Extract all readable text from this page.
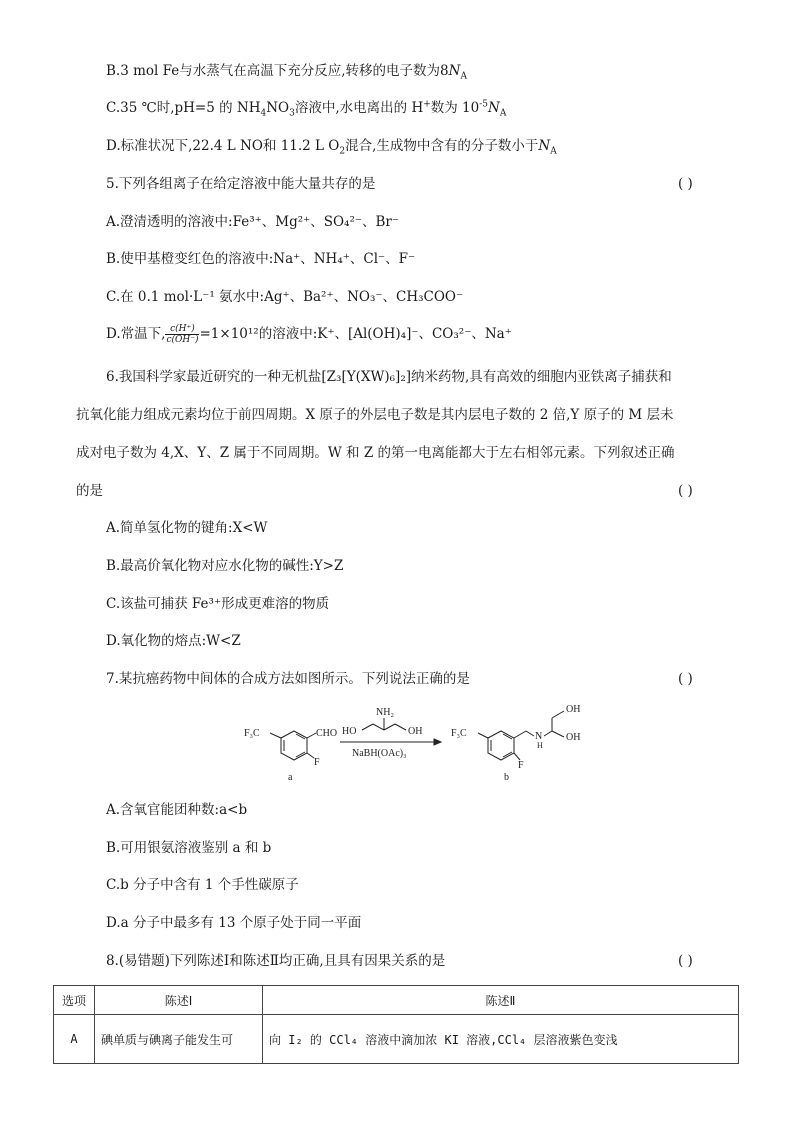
B.3 mol Fe与水蒸气在高温下充分反应,转移的电子数为$8N_A$
C.35 ℃时,pH=5 的 $NH_4NO_3$溶液中,水电离出的 H+数为 $10^{-5}N_A$
D.标准状况下,22.4 L NO和 11.2 L $O_2$混合,生成物中含有的分子数小于$N_A$
5.下列各组离子在给定溶液中能大量共存的是	( )
A.澄清透明的溶液中:Fe³⁺、Mg²⁺、SO₄²⁻、Br⁻
B.使甲基橙变红色的溶液中:Na⁺、NH₄⁺、Cl⁻、F⁻
C.在 0.1 mol·L⁻¹ 氨水中:Ag⁺、Ba²⁺、NO₃⁻、CH₃COO⁻
D.常温下, $\frac{c(H^+)}{c(OH^-)} =1\times 10^{12}$的溶液中:K⁺、[Al(OH)₄]⁻、CO₃²⁻、Na⁺
6.我国科学家最近研究的一种无机盐[Z₃[Y(XW)₆]₂]纳米药物,具有高效的细胞内亚铁离子捕获和
抗氧化能力组成元素均位于前四周期。X 原子的外层电子数是其内层电子数的 2 倍,Y 原子的 M 层未
成对电子数为 4,X、Y、Z 属于不同周期。W 和 Z 的第一电离能都大于左右相邻元素。下列叙述正确
的是	( )
A.简单氢化物的键角:X<W
B.最高价氧化物对应水化物的碱性:Y>Z
C.该盐可捕获 Fe³⁺形成更难溶的物质
D.氧化物的熔点:W<Z
7.某抗癌药物中间体的合成方法如图所示。下列说法正确的是	( )
F₃C	CHO
F
a
NH₂
HO	OH
NaBH(OAc)₃
F₃C	N
H
OH
OH
F
b
A.含氧官能团种数:a<b
B.可用银氨溶液鉴别 a 和 b
C.b 分子中含有 1 个手性碳原子
D.a 分子中最多有 13 个原子处于同一平面
8.(易错题)下列陈述Ⅰ和陈述Ⅱ均正确,且具有因果关系的是	( )
选项	陈述Ⅰ	陈述Ⅱ
A	碘单质与碘离子能发生可	向 I₂ 的 CCl₄ 溶液中滴加浓 KI 溶液,CCl₄ 层溶液紫色变浅
